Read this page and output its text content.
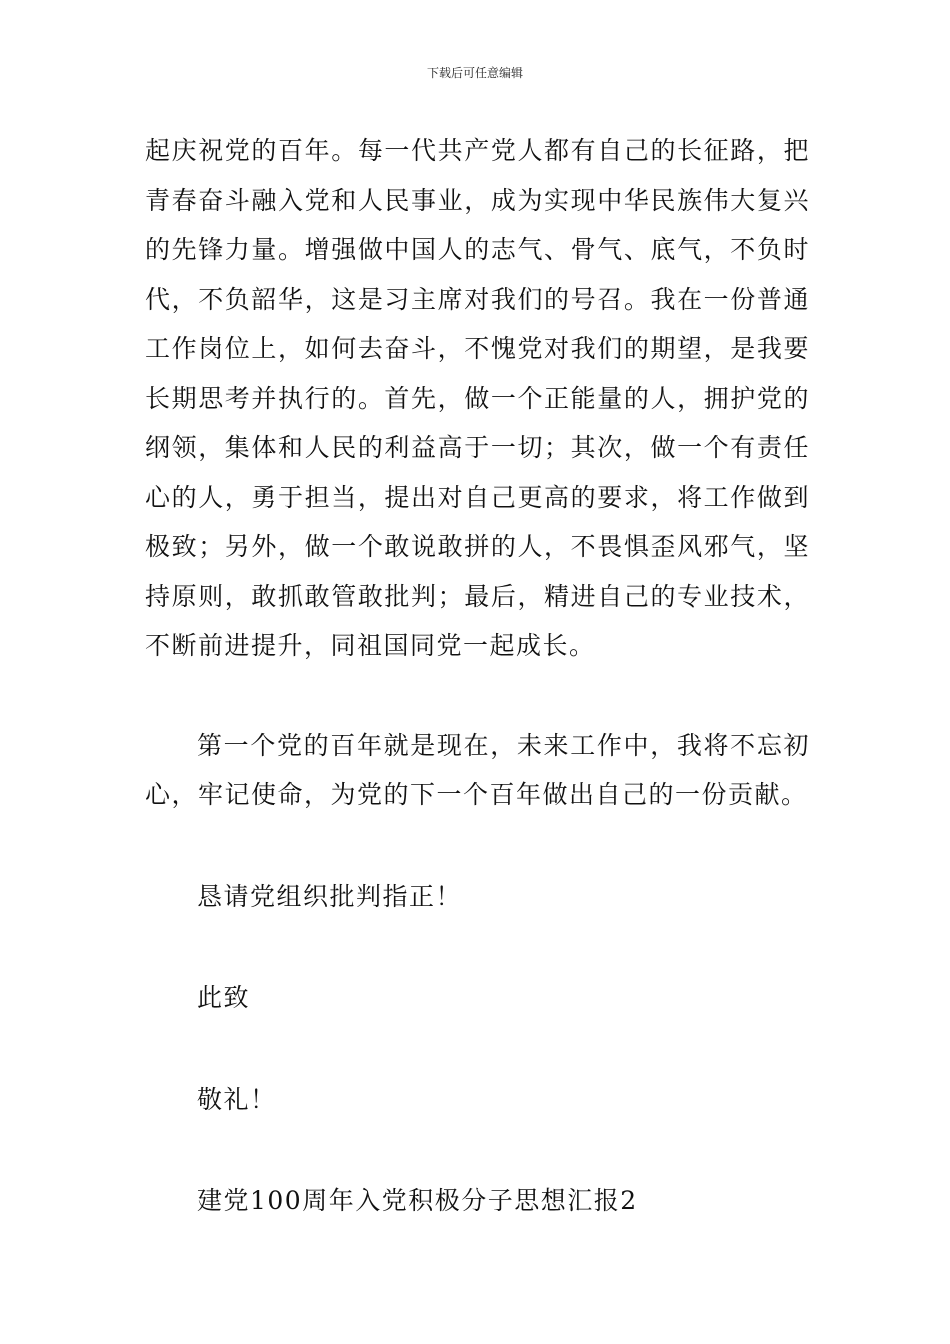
下载后可任意编辑

起庆祝党的百年。每一代共产党人都有自己的长征路，把青春奋斗融入党和人民事业，成为实现中华民族伟大复兴的先锋力量。增强做中国人的志气、骨气、底气，不负时代，不负韶华，这是习主席对我们的号召。我在一份普通工作岗位上，如何去奋斗，不愧党对我们的期望，是我要长期思考并执行的。首先，做一个正能量的人，拥护党的纲领，集体和人民的利益高于一切；其次，做一个有责任心的人，勇于担当，提出对自己更高的要求，将工作做到极致；另外，做一个敢说敢拼的人，不畏惧歪风邪气，坚持原则，敢抓敢管敢批判；最后，精进自己的专业技术，不断前进提升，同祖国同党一起成长。

第一个党的百年就是现在，未来工作中，我将不忘初心，牢记使命，为党的下一个百年做出自己的一份贡献。

恳请党组织批判指正！

此致

敬礼！

建党100周年入党积极分子思想汇报2
